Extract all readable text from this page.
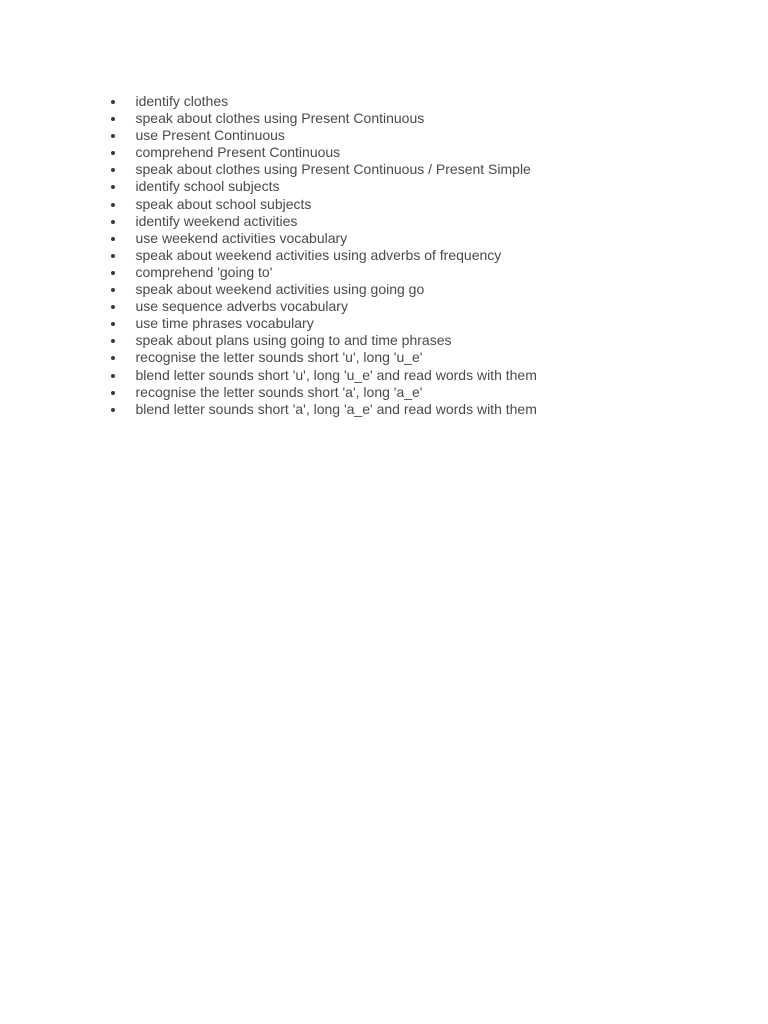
identify clothes
speak about clothes using Present Continuous
use Present Continuous
comprehend Present Continuous
speak about clothes using Present Continuous / Present Simple
identify school subjects
speak about school subjects
identify weekend activities
use weekend activities vocabulary
speak about weekend activities using adverbs of frequency
comprehend 'going to'
speak about weekend activities using going go
use sequence adverbs vocabulary
use time phrases vocabulary
speak about plans using going to and time phrases
recognise the letter sounds short 'u', long 'u_e'
blend letter sounds short 'u', long 'u_e' and read words with them
recognise the letter sounds short 'a', long 'a_e'
blend letter sounds short 'a', long 'a_e' and read words with them
